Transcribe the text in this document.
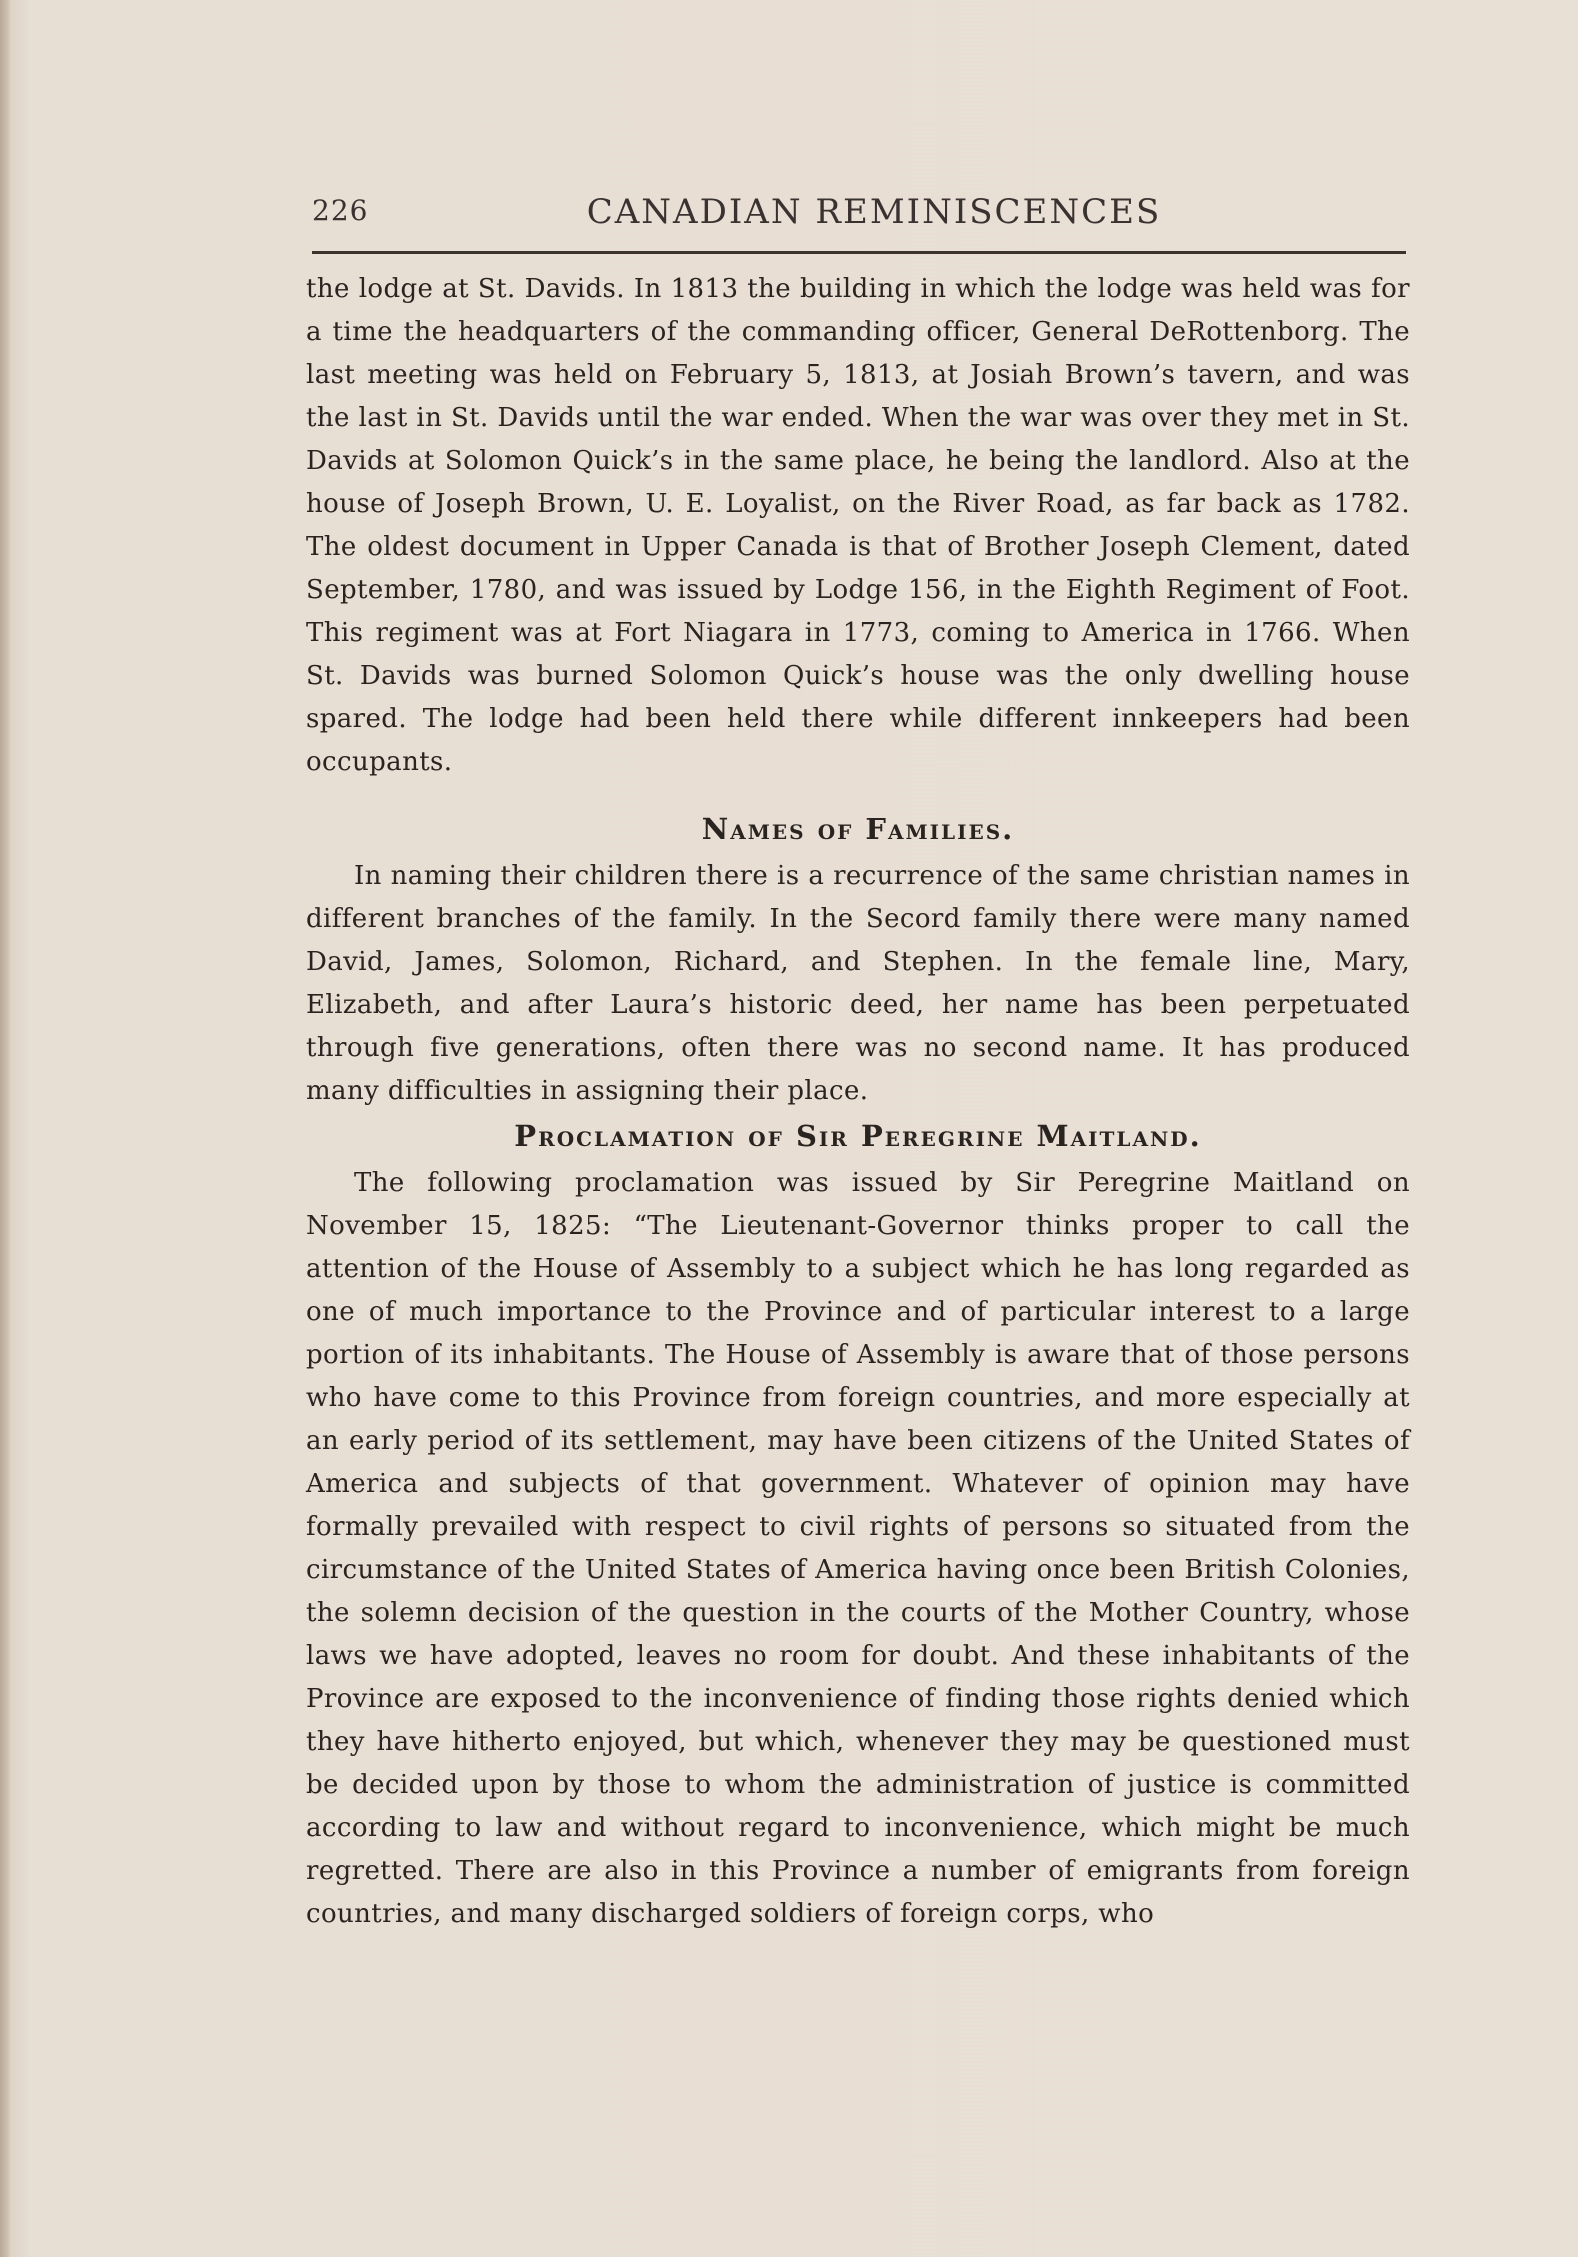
226	CANADIAN REMINISCENCES

the lodge at St. Davids. In 1813 the building in which the lodge was held was for a time the headquarters of the commanding officer, General DeRottenborg. The last meeting was held on February 5, 1813, at Josiah Brown’s tavern, and was the last in St. Davids until the war ended. When the war was over they met in St. Davids at Solomon Quick’s in the same place, he being the landlord. Also at the house of Joseph Brown, U. E. Loyalist, on the River Road, as far back as 1782. The oldest document in Upper Canada is that of Brother Joseph Clement, dated September, 1780, and was issued by Lodge 156, in the Eighth Regiment of Foot. This regiment was at Fort Niagara in 1773, coming to America in 1766. When St. Davids was burned Solomon Quick’s house was the only dwelling house spared. The lodge had been held there while different innkeepers had been occupants.

Names of Families.

In naming their children there is a recurrence of the same christian names in different branches of the family. In the Secord family there were many named David, James, Solomon, Richard, and Stephen. In the female line, Mary, Elizabeth, and after Laura’s historic deed, her name has been perpetuated through five generations, often there was no second name. It has produced many difficulties in assigning their place.

Proclamation of Sir Peregrine Maitland.

The following proclamation was issued by Sir Peregrine Maitland on November 15, 1825: “The Lieutenant-Governor thinks proper to call the attention of the House of Assembly to a subject which he has long regarded as one of much importance to the Province and of particular interest to a large portion of its inhabitants. The House of Assembly is aware that of those persons who have come to this Province from foreign countries, and more especially at an early period of its settlement, may have been citizens of the United States of America and subjects of that government. Whatever of opinion may have formally prevailed with respect to civil rights of persons so situated from the circumstance of the United States of America having once been British Colonies, the solemn decision of the question in the courts of the Mother Country, whose laws we have adopted, leaves no room for doubt. And these inhabitants of the Province are exposed to the inconvenience of finding those rights denied which they have hitherto enjoyed, but which, whenever they may be questioned must be decided upon by those to whom the administration of justice is committed according to law and without regard to inconvenience, which might be much regretted. There are also in this Province a number of emigrants from foreign countries, and many discharged soldiers of foreign corps, who
